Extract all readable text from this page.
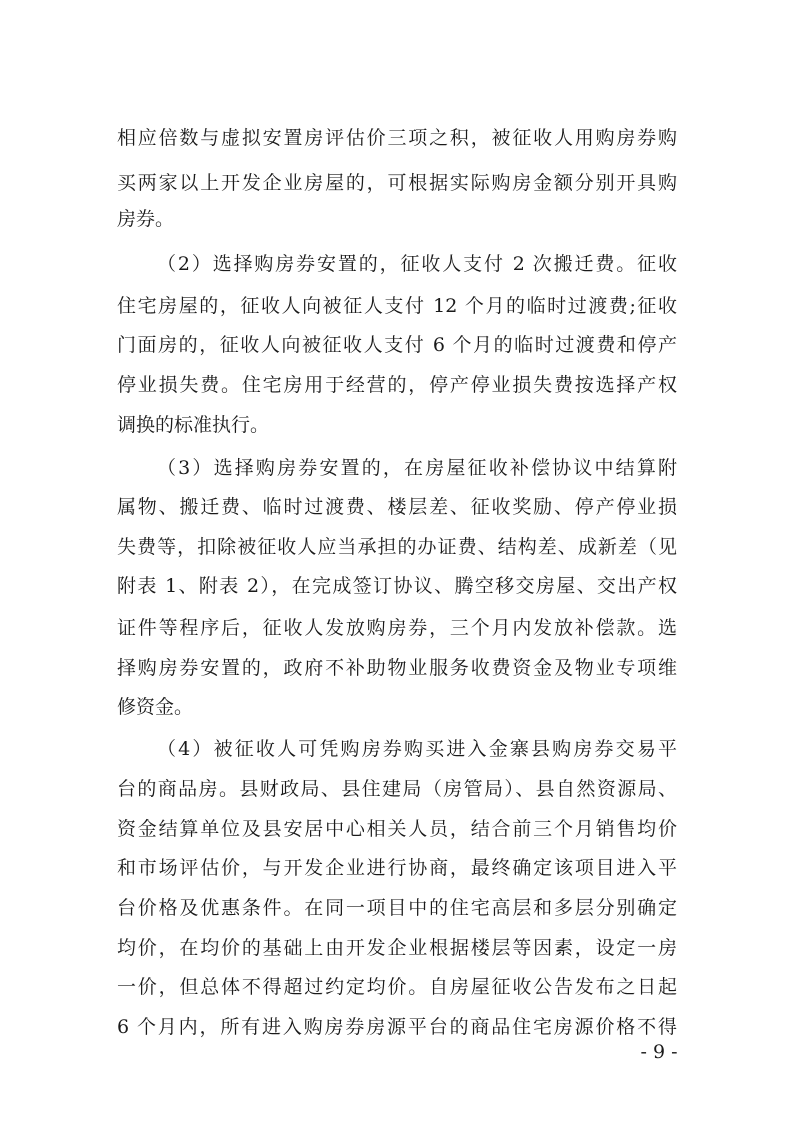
相应倍数与虚拟安置房评估价三项之积，被征收人用购房券购
买两家以上开发企业房屋的，可根据实际购房金额分别开具购
房券。
（2）选择购房券安置的，征收人支付 2 次搬迁费。征收
住宅房屋的，征收人向被征人支付 12 个月的临时过渡费;征收
门面房的，征收人向被征收人支付 6 个月的临时过渡费和停产
停业损失费。住宅房用于经营的，停产停业损失费按选择产权
调换的标准执行。
（3）选择购房券安置的，在房屋征收补偿协议中结算附
属物、搬迁费、临时过渡费、楼层差、征收奖励、停产停业损
失费等，扣除被征收人应当承担的办证费、结构差、成新差（见
附表 1、附表 2），在完成签订协议、腾空移交房屋、交出产权
证件等程序后，征收人发放购房券，三个月内发放补偿款。选
择购房券安置的，政府不补助物业服务收费资金及物业专项维
修资金。
（4）被征收人可凭购房券购买进入金寨县购房券交易平
台的商品房。县财政局、县住建局（房管局）、县自然资源局、
资金结算单位及县安居中心相关人员，结合前三个月销售均价
和市场评估价，与开发企业进行协商，最终确定该项目进入平
台价格及优惠条件。在同一项目中的住宅高层和多层分别确定
均价，在均价的基础上由开发企业根据楼层等因素，设定一房
一价，但总体不得超过约定均价。自房屋征收公告发布之日起
6 个月内，所有进入购房券房源平台的商品住宅房源价格不得
- 9 -
